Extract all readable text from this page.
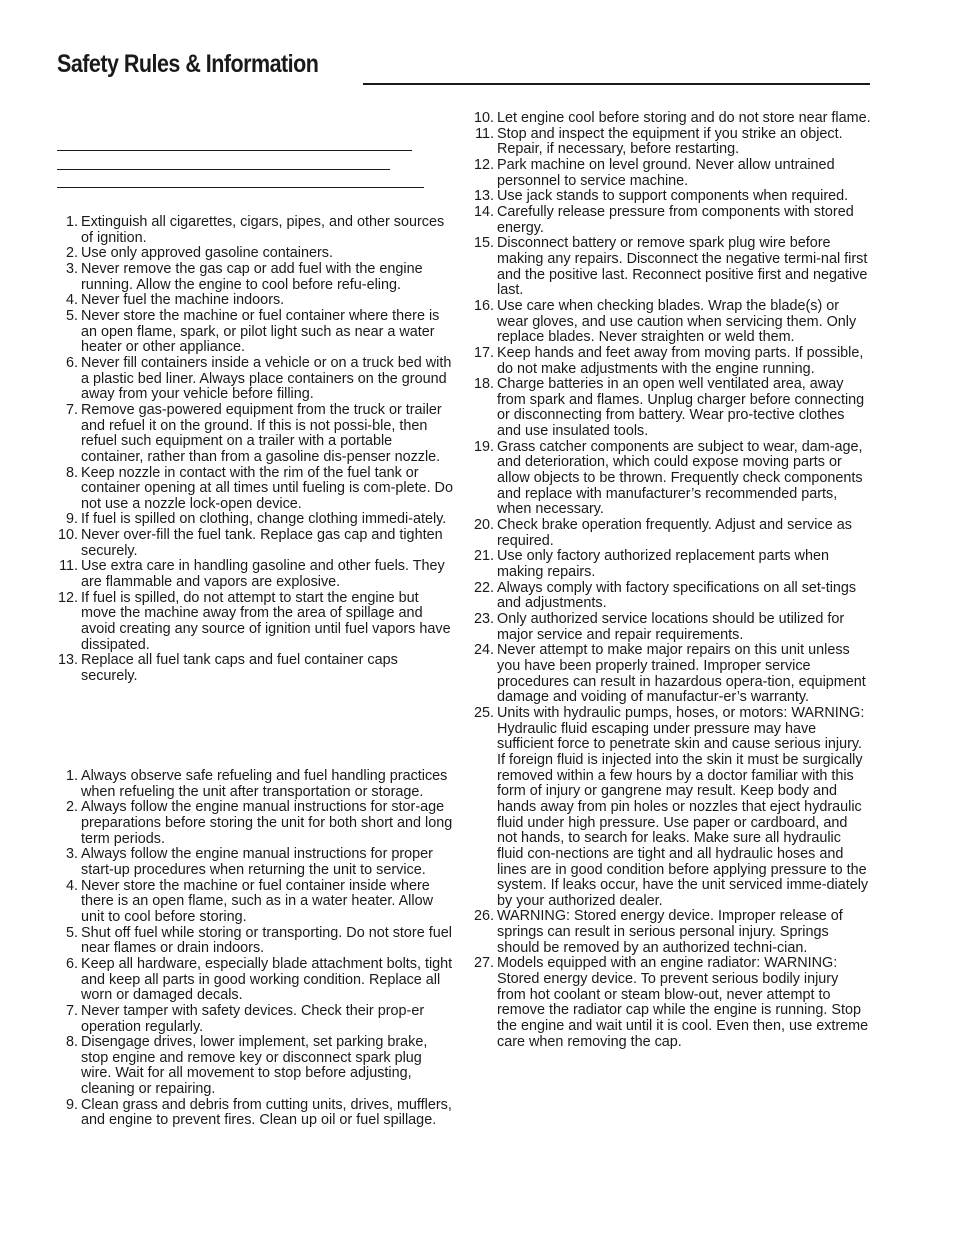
Safety Rules & Information
1. Extinguish all cigarettes, cigars, pipes, and other sources of ignition.
2. Use only approved gasoline containers.
3. Never remove the gas cap or add fuel with the engine running. Allow the engine to cool before refu-eling.
4. Never fuel the machine indoors.
5. Never store the machine or fuel container where there is an open flame, spark, or pilot light such as near a water heater or other appliance.
6. Never fill containers inside a vehicle or on a truck bed with a plastic bed liner. Always place containers on the ground away from your vehicle before filling.
7. Remove gas-powered equipment from the truck or trailer and refuel it on the ground. If this is not possi-ble, then refuel such equipment on a trailer with a portable container, rather than from a gasoline dis-penser nozzle.
8. Keep nozzle in contact with the rim of the fuel tank or container opening at all times until fueling is com-plete. Do not use a nozzle lock-open device.
9. If fuel is spilled on clothing, change clothing immedi-ately.
10. Never over-fill the fuel tank. Replace gas cap and tighten securely.
11. Use extra care in handling gasoline and other fuels. They are flammable and vapors are explosive.
12. If fuel is spilled, do not attempt to start the engine but move the machine away from the area of spillage and avoid creating any source of ignition until fuel vapors have dissipated.
13. Replace all fuel tank caps and fuel container caps securely.
1. Always observe safe refueling and fuel handling practices when refueling the unit after transportation or storage.
2. Always follow the engine manual instructions for stor-age preparations before storing the unit for both short and long term periods.
3. Always follow the engine manual instructions for proper start-up procedures when returning the unit to service.
4. Never store the machine or fuel container inside where there is an open flame, such as in a water heater. Allow unit to cool before storing.
5. Shut off fuel while storing or transporting. Do not store fuel near flames or drain indoors.
6. Keep all hardware, especially blade attachment bolts, tight and keep all parts in good working condition. Replace all worn or damaged decals.
7. Never tamper with safety devices. Check their prop-er operation regularly.
8. Disengage drives, lower implement, set parking brake, stop engine and remove key or disconnect spark plug wire. Wait for all movement to stop before adjusting, cleaning or repairing.
9. Clean grass and debris from cutting units, drives, mufflers, and engine to prevent fires. Clean up oil or fuel spillage.
10. Let engine cool before storing and do not store near flame.
11. Stop and inspect the equipment if you strike an object. Repair, if necessary, before restarting.
12. Park machine on level ground. Never allow untrained personnel to service machine.
13. Use jack stands to support components when required.
14. Carefully release pressure from components with stored energy.
15. Disconnect battery or remove spark plug wire before making any repairs. Disconnect the negative termi-nal first and the positive last. Reconnect positive first and negative last.
16. Use care when checking blades. Wrap the blade(s) or wear gloves, and use caution when servicing them. Only replace blades. Never straighten or weld them.
17. Keep hands and feet away from moving parts. If possible, do not make adjustments with the engine running.
18. Charge batteries in an open well ventilated area, away from spark and flames. Unplug charger before connecting or disconnecting from battery. Wear pro-tective clothes and use insulated tools.
19. Grass catcher components are subject to wear, dam-age, and deterioration, which could expose moving parts or allow objects to be thrown. Frequently check components and replace with manufacturer’s recommended parts, when necessary.
20. Check brake operation frequently. Adjust and service as required.
21. Use only factory authorized replacement parts when making repairs.
22. Always comply with factory specifications on all set-tings and adjustments.
23. Only authorized service locations should be utilized for major service and repair requirements.
24. Never attempt to make major repairs on this unit unless you have been properly trained. Improper service procedures can result in hazardous opera-tion, equipment damage and voiding of manufactur-er’s warranty.
25. Units with hydraulic pumps, hoses, or motors: WARNING: Hydraulic fluid escaping under pressure may have sufficient force to penetrate skin and cause serious injury. If foreign fluid is injected into the skin it must be surgically removed within a few hours by a doctor familiar with this form of injury or gangrene may result. Keep body and hands away from pin holes or nozzles that eject hydraulic fluid under high pressure. Use paper or cardboard, and not hands, to search for leaks. Make sure all hydraulic fluid con-nections are tight and all hydraulic hoses and lines are in good condition before applying pressure to the system. If leaks occur, have the unit serviced imme-diately by your authorized dealer.
26. WARNING: Stored energy device. Improper release of springs can result in serious personal injury. Springs should be removed by an authorized techni-cian.
27. Models equipped with an engine radiator: WARNING: Stored energy device. To prevent serious bodily injury from hot coolant or steam blow-out, never attempt to remove the radiator cap while the engine is running. Stop the engine and wait until it is cool. Even then, use extreme care when removing the cap.
